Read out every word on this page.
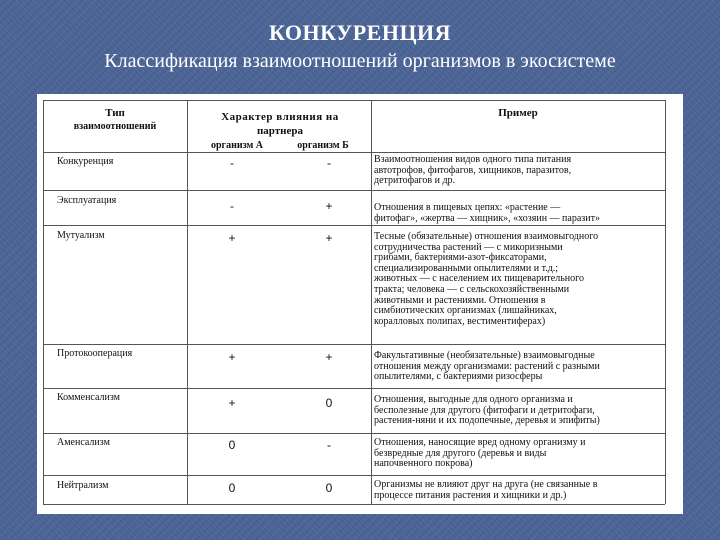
КОНКУРЕНЦИЯ
Классификация взаимоотношений организмов в экосистеме
Тип
взаимоотношений
Характер влияния на
партнера
организм А	организм Б
Пример
Конкуренция	-	-	Взаимоотношения видов одного типа питания
автотрофов, фитофагов, хищников, паразитов,
детритофагов и др.
Эксплуатация	-	+	Отношения в пищевых цепях: «растение —
фитофаг», «жертва — хищник», «хозяин — паразит»
Мутуализм	+	+	Тесные (обязательные) отношения взаимовыгодного
сотрудничества растений — с микоризными
грибами, бактериями-азот-фиксаторами,
специализированными опылителями и т.д.;
животных — с населением их пищеварительного
тракта; человека — с сельскохозяйственными
животными и растениями. Отношения в
симбиотических организмах (лишайниках,
коралловых полипах, вестиментиферах)
Протокооперация	+	+	Факультативные (необязательные) взаимовыгодные
отношения между организмами: растений с разными
опылителями, с бактериями ризосферы
Комменсализм	+	0	Отношения, выгодные для одного организма и
бесполезные для другого (фитофаги и детритофаги,
растения-няни и их подопечные, деревья и эпифиты)
Аменсализм	0	-	Отношения, наносящие вред одному организму и
безвредные для другого (деревья и виды
напочвенного покрова)
Нейтрализм	0	0	Организмы не влияют друг на друга (не связанные в
процессе питания растения и хищники и др.)
